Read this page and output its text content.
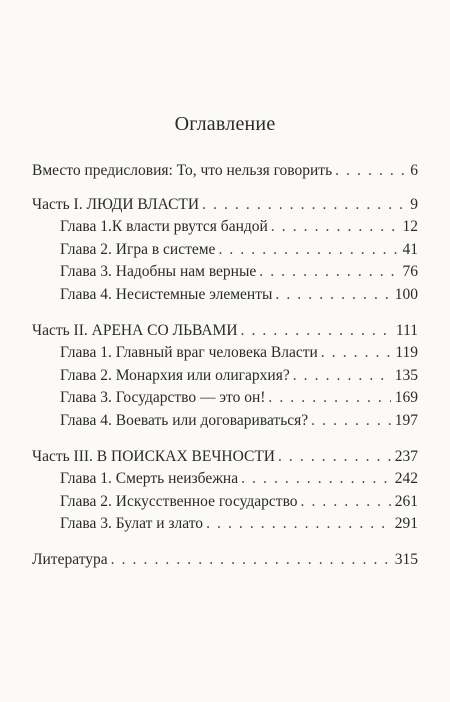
Оглавление
Вместо предисловия: То, что нельзя говорить . . .	6
Часть I. ЛЮДИ ВЛАСТИ . . .	9
Глава 1.К власти рвутся бандой . . .	12
Глава 2. Игра в системе . . .	41
Глава 3. Надобны нам верные . . .	76
Глава 4. Несистемные элементы . . .	100
Часть II. АРЕНА СО ЛЬВАМИ . . .	111
Глава 1. Главный враг человека Власти . . .	119
Глава 2. Монархия или олигархия? . . .	135
Глава 3. Государство — это он! . . .	169
Глава 4. Воевать или договариваться? . . .	197
Часть III. В ПОИСКАХ ВЕЧНОСТИ . . .	237
Глава 1. Смерть неизбежна . . .	242
Глава 2. Искусственное государство . . .	261
Глава 3. Булат и злато . . .	291
Литература . . .	315
